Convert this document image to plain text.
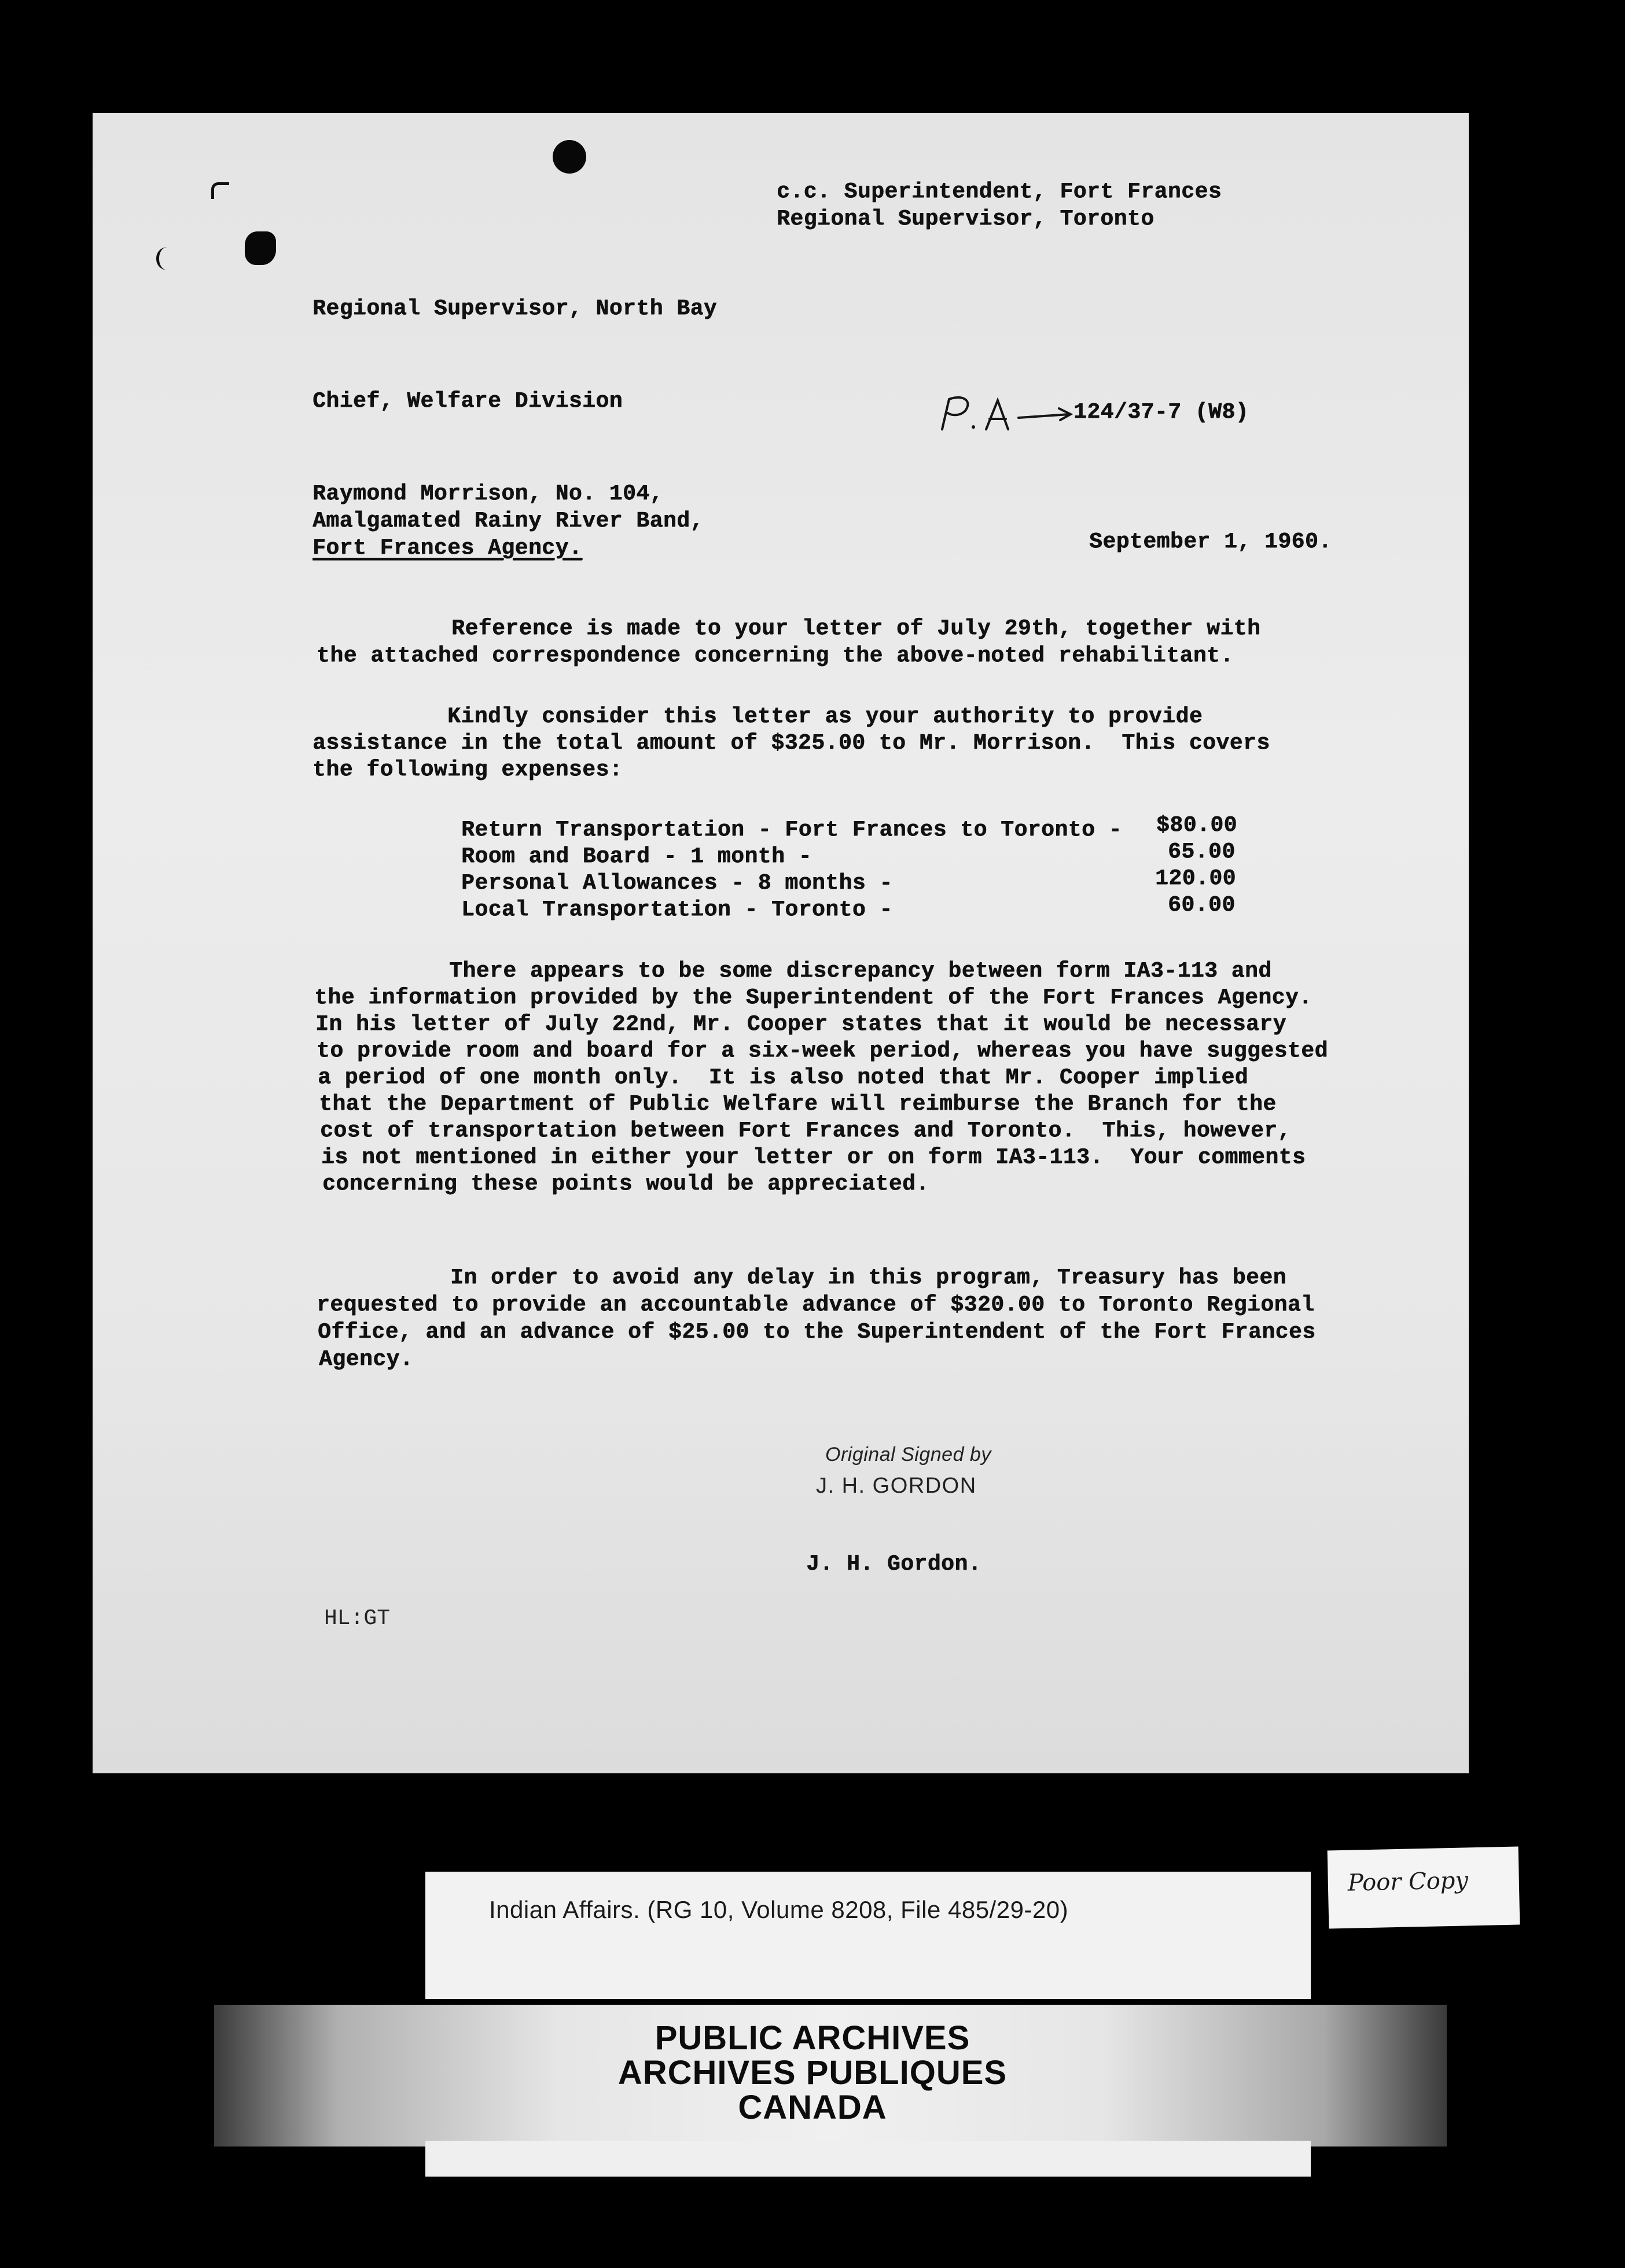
c.c. Superintendent, Fort Frances
Regional Supervisor, Toronto
Regional Supervisor, North Bay
Chief, Welfare Division	124/37-7 (W8)
Raymond Morrison, No. 104,
Amalgamated Rainy River Band,
Fort Frances Agency.	September 1, 1960.
Reference is made to your letter of July 29th, together with
the attached correspondence concerning the above-noted rehabilitant.
Kindly consider this letter as your authority to provide
assistance in the total amount of $325.00 to Mr. Morrison.  This covers
the following expenses:
Return Transportation - Fort Frances to Toronto - $80.00
Room and Board - 1 month -	65.00
Personal Allowances - 8 months -	120.00
Local Transportation - Toronto -	60.00
There appears to be some discrepancy between form IA3-113 and
the information provided by the Superintendent of the Fort Frances Agency.
In his letter of July 22nd, Mr. Cooper states that it would be necessary
to provide room and board for a six-week period, whereas you have suggested
a period of one month only.  It is also noted that Mr. Cooper implied
that the Department of Public Welfare will reimburse the Branch for the
cost of transportation between Fort Frances and Toronto.  This, however,
is not mentioned in either your letter or on form IA3-113.  Your comments
concerning these points would be appreciated.
In order to avoid any delay in this program, Treasury has been
requested to provide an accountable advance of $320.00 to Toronto Regional
Office, and an advance of $25.00 to the Superintendent of the Fort Frances
Agency.
Original Signed by
J. H. GORDON
J. H. Gordon.
HL:GT
Indian Affairs. (RG 10, Volume 8208, File 485/29-20)
Poor Copy
PUBLIC ARCHIVES
ARCHIVES PUBLIQUES
CANADA
